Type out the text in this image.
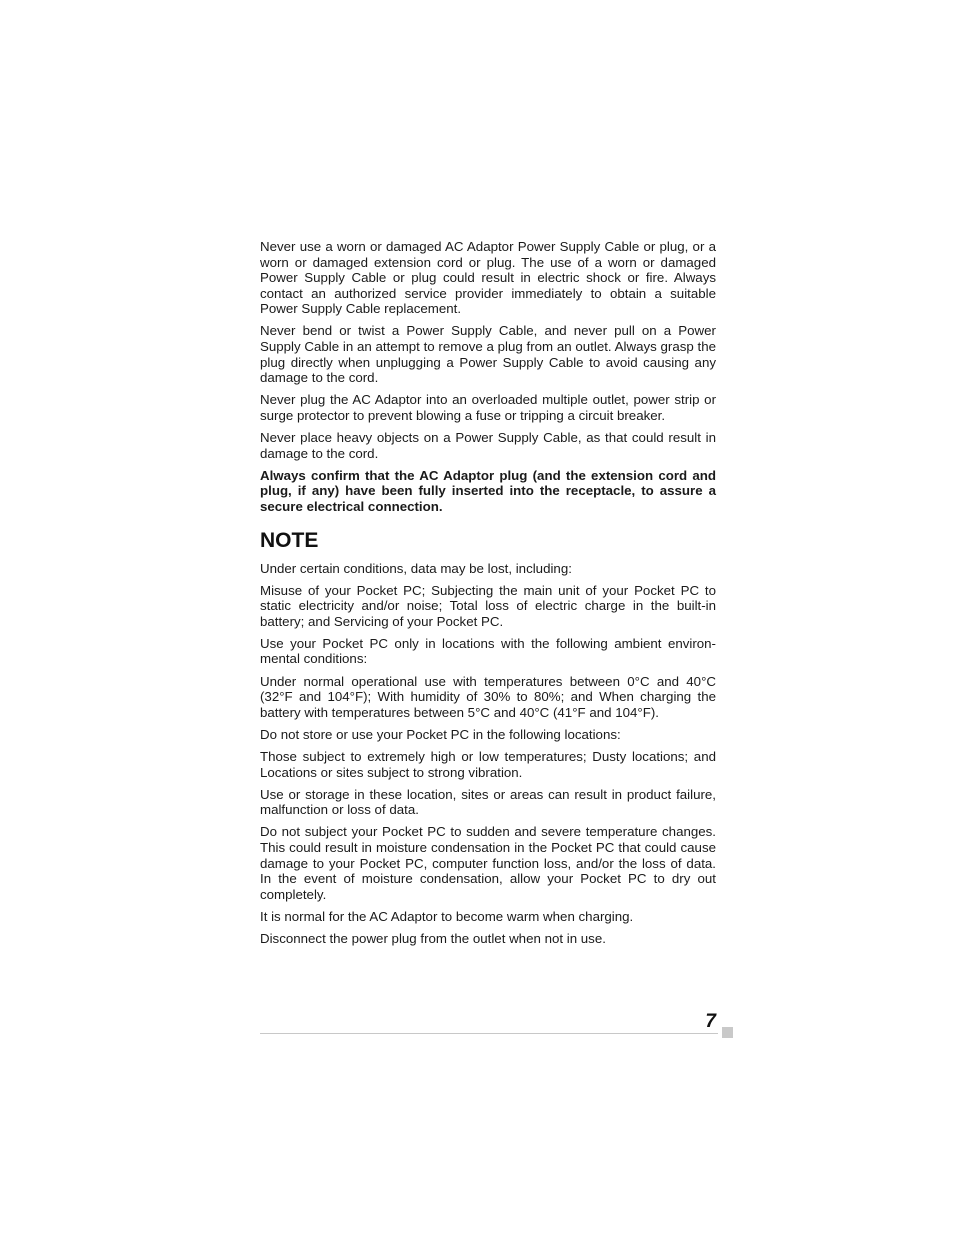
Never use a worn or damaged AC Adaptor Power Supply Cable or plug, or a worn or damaged extension cord or plug. The use of a worn or damaged Power Supply Cable or plug could result in electric shock or fire. Always contact an authorized service provider immediately to obtain a suitable Power Supply Cable replacement.

Never bend or twist a Power Supply Cable, and never pull on a Power Supply Cable in an attempt to remove a plug from an outlet. Always grasp the plug directly when unplugging a Power Supply Cable to avoid causing any damage to the cord.

Never plug the AC Adaptor into an overloaded multiple outlet, power strip or surge protector to prevent blowing a fuse or tripping a circuit breaker.

Never place heavy objects on a Power Supply Cable, as that could result in damage to the cord.

Always confirm that the AC Adaptor plug (and the extension cord and plug, if any) have been fully inserted into the receptacle, to assure a secure electrical connection.

NOTE

Under certain conditions, data may be lost, including:

Misuse of your Pocket PC; Subjecting the main unit of your Pocket PC to static electricity and/or noise; Total loss of electric charge in the built-in battery; and Servicing of your Pocket PC.

Use your Pocket PC only in locations with the following ambient environ-mental conditions:

Under normal operational use with temperatures between 0°C and 40°C (32°F and 104°F); With humidity of 30% to 80%; and When charging the battery with temperatures between 5°C and 40°C (41°F and 104°F).

Do not store or use your Pocket PC in the following locations:

Those subject to extremely high or low temperatures; Dusty locations; and Locations or sites subject to strong vibration.

Use or storage in these location, sites or areas can result in product failure, malfunction or loss of data.

Do not subject your Pocket PC to sudden and severe temperature changes. This could result in moisture condensation in the Pocket PC that could cause damage to your Pocket PC, computer function loss, and/or the loss of data. In the event of moisture condensation, allow your Pocket PC to dry out completely.

It is normal for the AC Adaptor to become warm when charging.

Disconnect the power plug from the outlet when not in use.

7
